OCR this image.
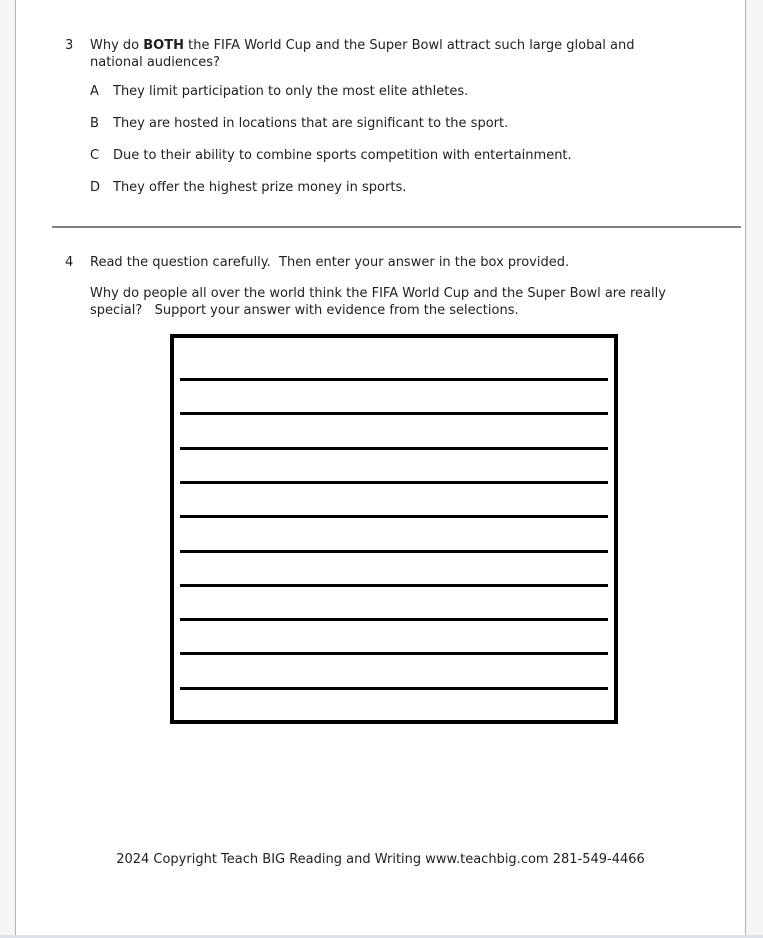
3	Why do BOTH the FIFA World Cup and the Super Bowl attract such large global and national audiences?
A	They limit participation to only the most elite athletes.
B	They are hosted in locations that are significant to the sport.
C	Due to their ability to combine sports competition with entertainment.
D They offer the highest prize money in sports.
4	Read the question carefully.  Then enter your answer in the box provided.
Why do people all over the world think the FIFA World Cup and the Super Bowl are really special?   Support your answer with evidence from the selections.
2024 Copyright Teach BIG Reading and Writing www.teachbig.com 281-549-4466
